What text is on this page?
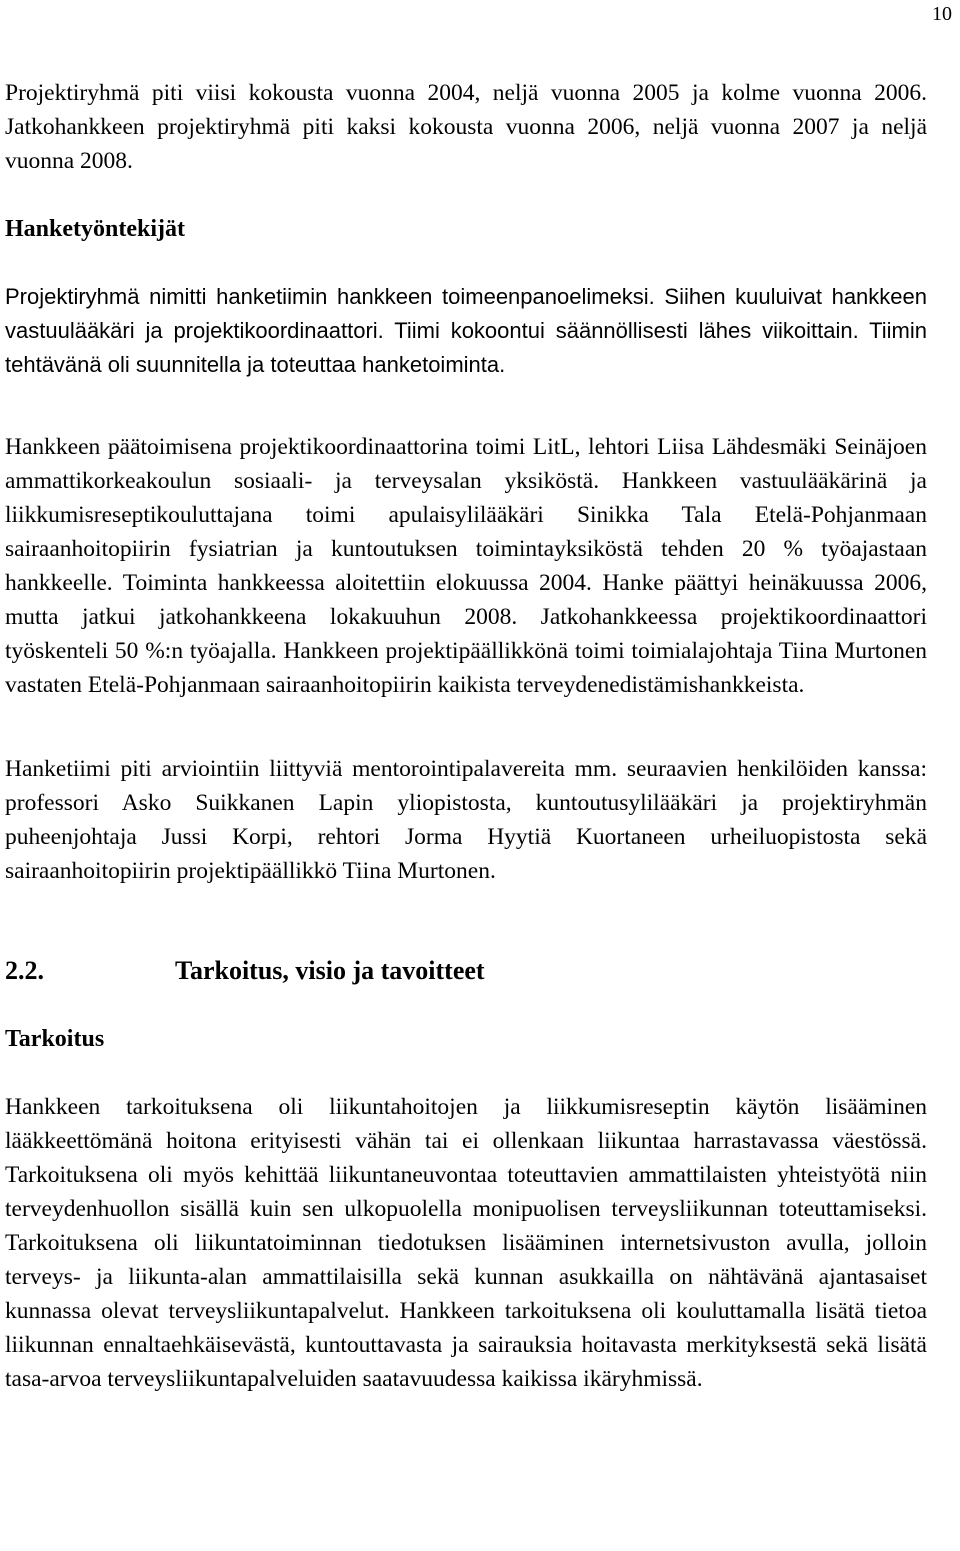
10

Projektiryhmä piti viisi kokousta vuonna 2004, neljä vuonna 2005 ja kolme vuonna 2006. Jatkohankkeen projektiryhmä piti kaksi kokousta vuonna 2006, neljä vuonna 2007 ja neljä vuonna 2008.

Hanketyöntekijät

Projektiryhmä nimitti hanketiimin hankkeen toimeenpanoelimeksi. Siihen kuuluivat hankkeen vastuulääkäri ja projektikoordinaattori. Tiimi kokoontui säännöllisesti lähes viikoittain. Tiimin tehtävänä oli suunnitella ja toteuttaa hanketoiminta.

Hankkeen päätoimisena projektikoordinaattorina toimi LitL, lehtori Liisa Lähdesmäki Seinäjoen ammattikorkeakoulun sosiaali- ja terveysalan yksiköstä. Hankkeen vastuulääkärinä ja liikkumisreseptikouluttajana toimi apulaisylilääkäri Sinikka Tala Etelä-Pohjanmaan sairaanhoitopiirin fysiatrian ja kuntoutuksen toimintayksiköstä tehden 20 % työajastaan hankkeelle. Toiminta hankkeessa aloitettiin elokuussa 2004. Hanke päättyi heinäkuussa 2006, mutta jatkui jatkohankkeena lokakuuhun 2008. Jatkohankkeessa projektikoordinaattori työskenteli 50 %:n työajalla. Hankkeen projektipäällikkönä toimi toimialajohtaja Tiina Murtonen vastaten Etelä-Pohjanmaan sairaanhoitopiirin kaikista terveydenedistämishankkeista.

Hanketiimi piti arviointiin liittyviä mentorointipalavereita mm. seuraavien henkilöiden kanssa: professori Asko Suikkanen Lapin yliopistosta, kuntoutusylilääkäri ja projektiryhmän puheenjohtaja Jussi Korpi, rehtori Jorma Hyytiä Kuortaneen urheiluopistosta sekä sairaanhoitopiirin projektipäällikkö Tiina Murtonen.

2.2.	Tarkoitus, visio ja tavoitteet
Tarkoitus

Hankkeen tarkoituksena oli liikuntahoitojen ja liikkumisreseptin käytön lisääminen lääkkeettömänä hoitona erityisesti vähän tai ei ollenkaan liikuntaa harrastavassa väestössä. Tarkoituksena oli myös kehittää liikuntaneuvontaa toteuttavien ammattilaisten yhteistyötä niin terveydenhuollon sisällä kuin sen ulkopuolella monipuolisen terveysliikunnan toteuttamiseksi. Tarkoituksena oli liikuntatoiminnan tiedotuksen lisääminen internetsivuston avulla, jolloin terveys- ja liikunta-alan ammattilaisilla sekä kunnan asukkailla on nähtävänä ajantasaiset kunnassa olevat terveysliikuntapalvelut. Hankkeen tarkoituksena oli kouluttamalla lisätä tietoa liikunnan ennaltaehkäisevästä, kuntouttavasta ja sairauksia hoitavasta merkityksestä sekä lisätä tasa-arvoa terveysliikuntapalveluiden saatavuudessa kaikissa ikäryhmissä.
